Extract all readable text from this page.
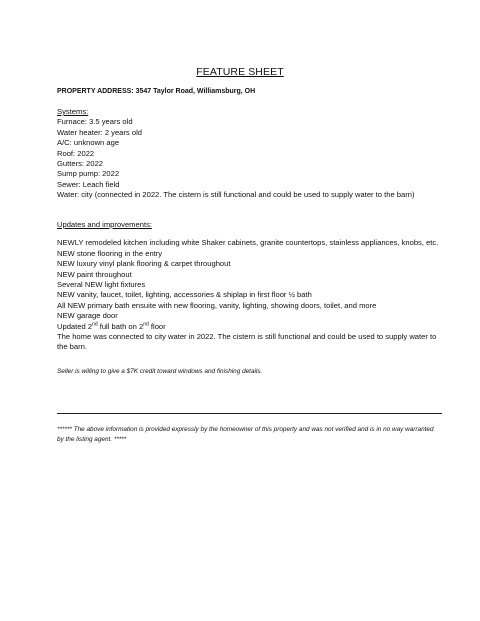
FEATURE SHEET
PROPERTY ADDRESS: 3547 Taylor Road, Williamsburg, OH

Systems:

Furnace: 3.5 years old

Water heater: 2 years old

A/C: unknown age

Roof: 2022

Gutters: 2022

Sump pump: 2022

Sewer: Leach field

Water: city (connected in 2022. The cistern is still functional and could be used to supply water to the barn)

Updates and improvements:

NEWLY remodeled kitchen including white Shaker cabinets, granite countertops, stainless appliances, knobs, etc.

NEW stone flooring in the entry

NEW luxury vinyl plank flooring & carpet throughout

NEW paint throughout

Several NEW light fixtures

NEW vanity, faucet, toilet, lighting, accessories & shiplap in first floor ½ bath

All NEW primary bath ensuite with new flooring, vanity, lighting, showing doors, toilet, and more

NEW garage door

Updated 2nd full bath on 2nd floor

The home was connected to city water in 2022. The cistern is still functional and could be used to supply water to the barn.

Seller is willing to give a $7K credit toward windows and finishing details.
****** The above information is provided expressly by the homeowner of this property and was not verified and is in no way warranted by the listing agent. *****
